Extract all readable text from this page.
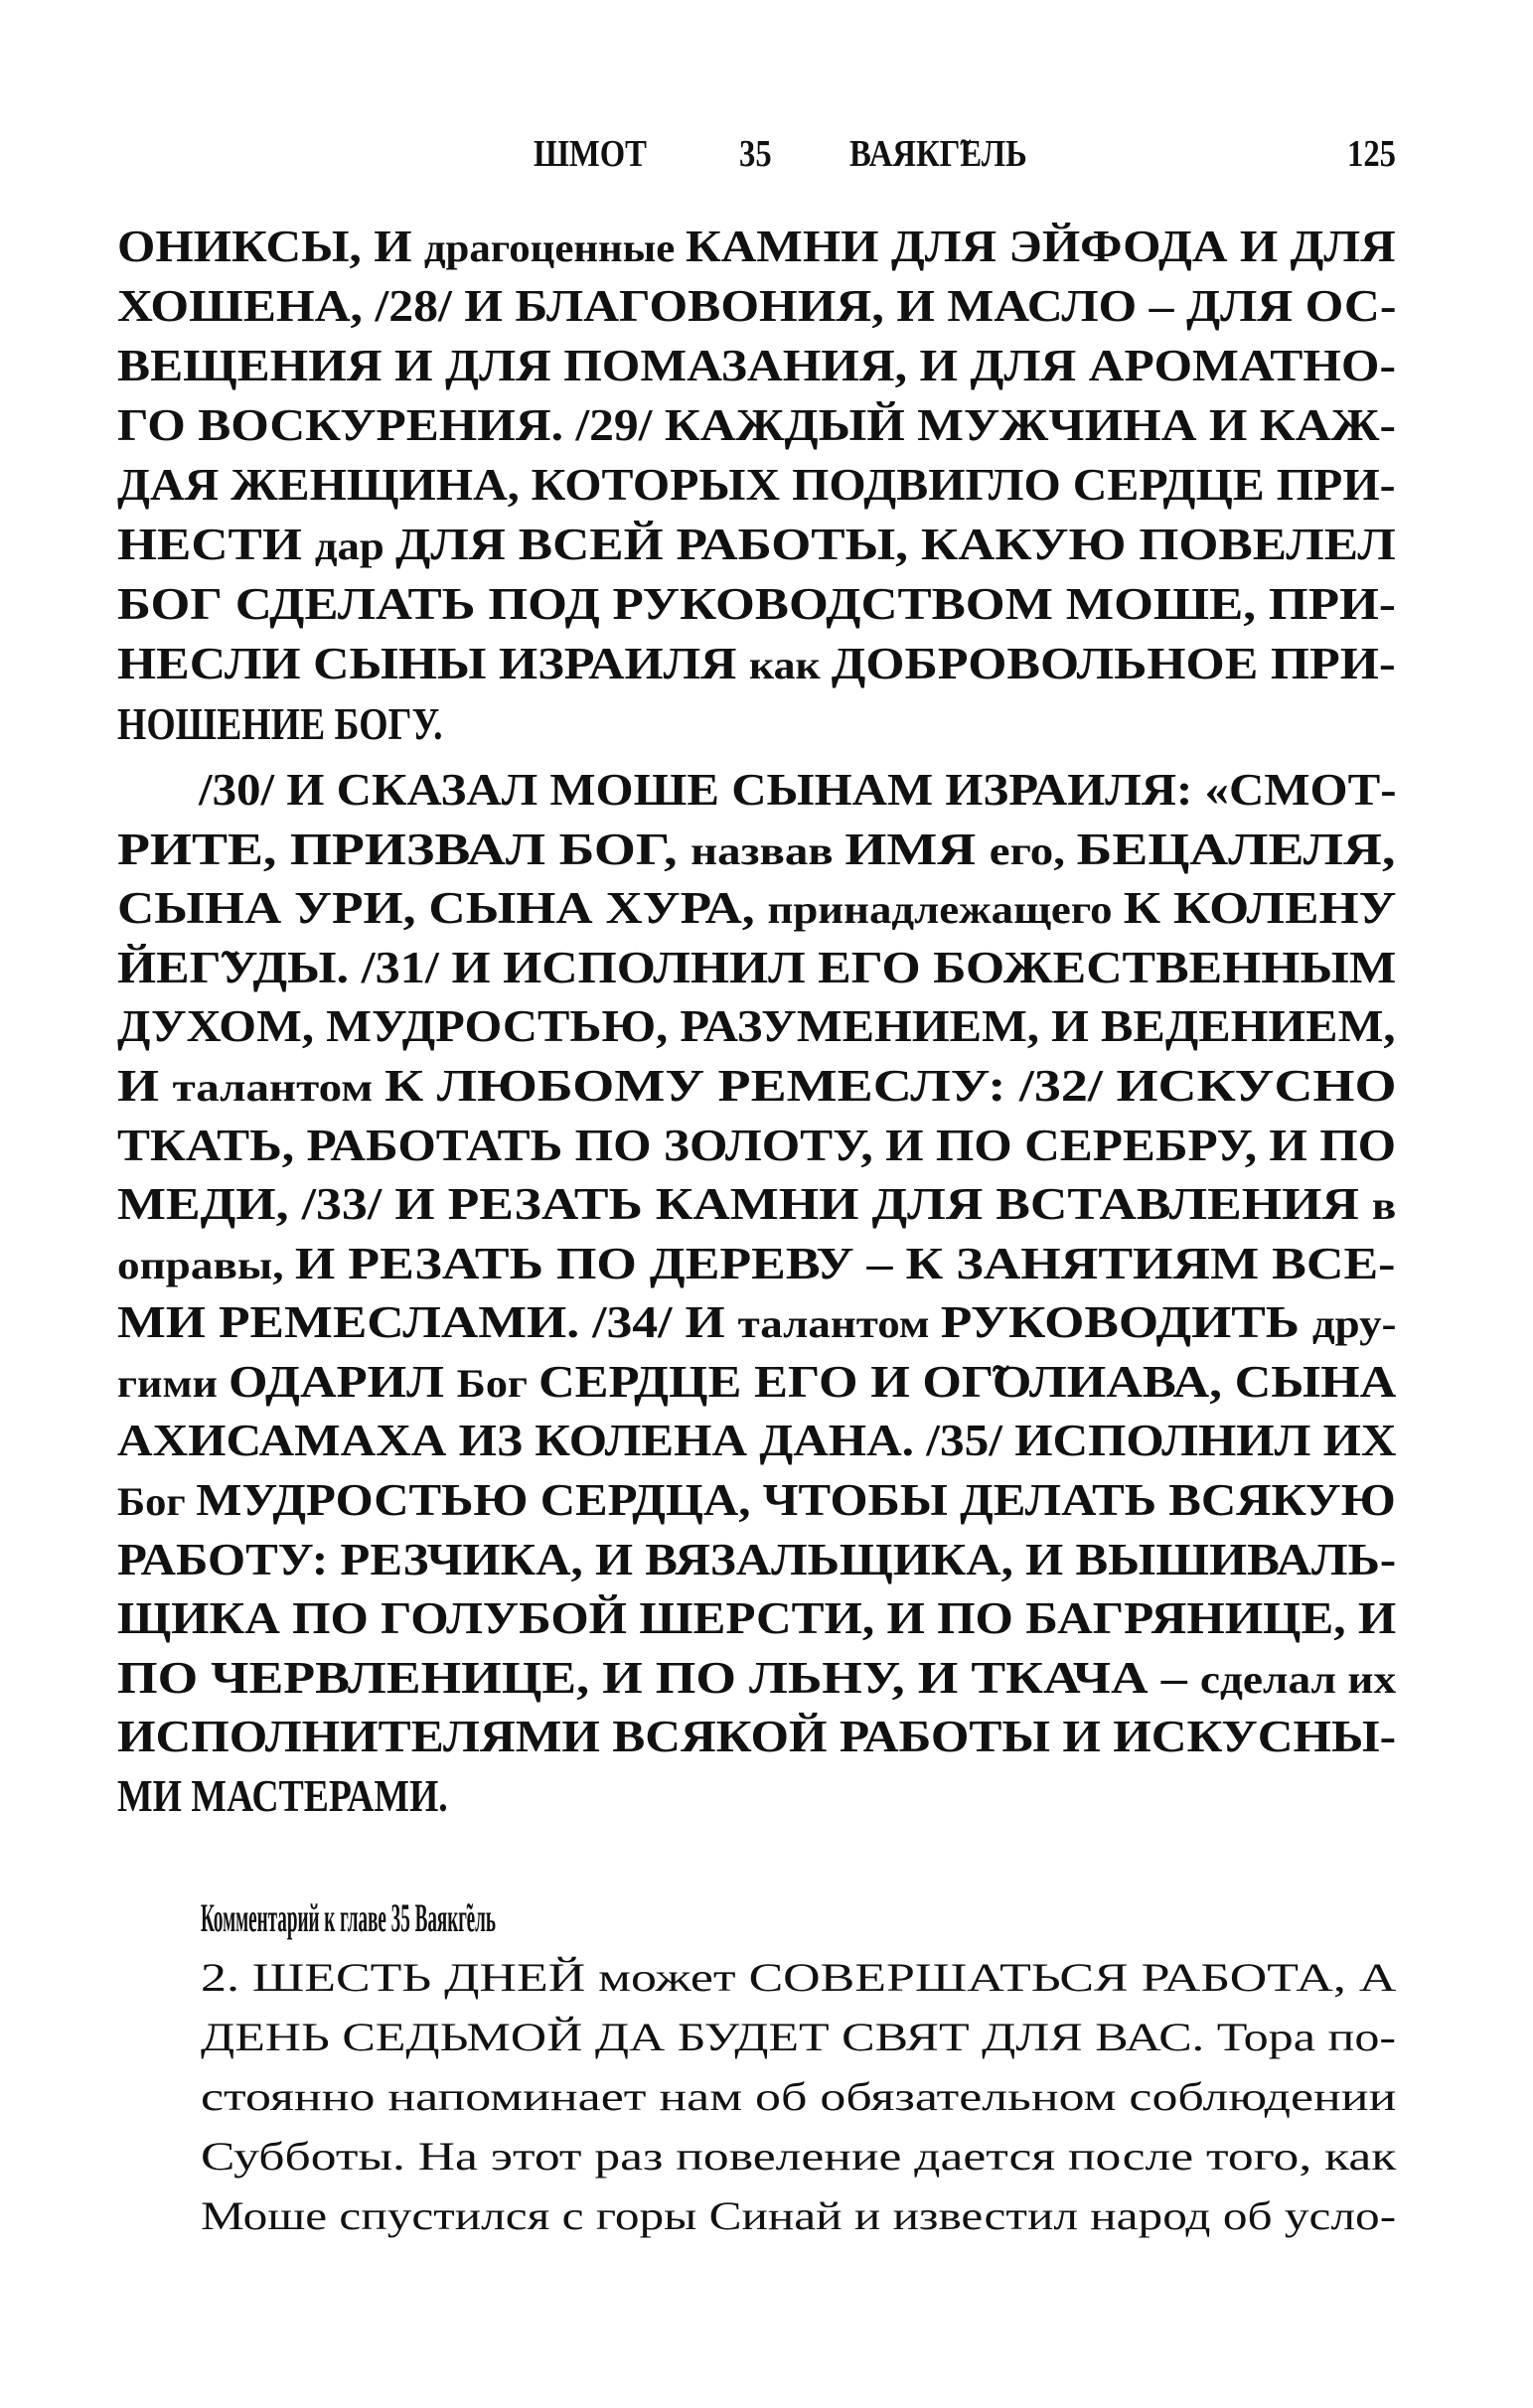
ШМОТ 35 ВАЯКГ̃ЕЛЬ	125
ОНИКСЫ, И драгоценные КАМНИ ДЛЯ ЭЙФОДА И ДЛЯ
ХОШЕНА, /28/ И БЛАГОВОНИЯ, И МАСЛО – ДЛЯ ОС-
ВЕЩЕНИЯ И ДЛЯ ПОМАЗАНИЯ, И ДЛЯ АРОМАТНО-
ГО ВОСКУРЕНИЯ. /29/ КАЖДЫЙ МУЖЧИНА И КАЖ-
ДАЯ ЖЕНЩИНА, КОТОРЫХ ПОДВИГЛО СЕРДЦЕ ПРИ-
НЕСТИ дар ДЛЯ ВСЕЙ РАБОТЫ, КАКУЮ ПОВЕЛЕЛ
БОГ СДЕЛАТЬ ПОД РУКОВОДСТВОМ МОШЕ, ПРИ-
НЕСЛИ СЫНЫ ИЗРАИЛЯ как ДОБРОВОЛЬНОЕ ПРИ-
НОШЕНИЕ БОГУ.
/30/ И СКАЗАЛ МОШЕ СЫНАМ ИЗРАИЛЯ: «СМОТ-
РИТЕ, ПРИЗВАЛ БОГ, назвав ИМЯ его, БЕЦАЛЕЛЯ,
СЫНА УРИ, СЫНА ХУРА, принадлежащего К КОЛЕНУ
ЙЕГ̃УДЫ. /31/ И ИСПОЛНИЛ ЕГО БОЖЕСТВЕННЫМ
ДУХОМ, МУДРОСТЬЮ, РАЗУМЕНИЕМ, И ВЕДЕНИЕМ,
И талантом К ЛЮБОМУ РЕМЕСЛУ: /32/ ИСКУСНО
ТКАТЬ, РАБОТАТЬ ПО ЗОЛОТУ, И ПО СЕРЕБРУ, И ПО
МЕДИ, /33/ И РЕЗАТЬ КАМНИ ДЛЯ ВСТАВЛЕНИЯ в
оправы, И РЕЗАТЬ ПО ДЕРЕВУ – К ЗАНЯТИЯМ ВСЕ-
МИ РЕМЕСЛАМИ. /34/ И талантом РУКОВОДИТЬ дру-
гими ОДАРИЛ Бог СЕРДЦЕ ЕГО И ОГ̃ОЛИАВА, СЫНА
АХИСАМАХА ИЗ КОЛЕНА ДАНА. /35/ ИСПОЛНИЛ ИХ
Бог МУДРОСТЬЮ СЕРДЦА, ЧТОБЫ ДЕЛАТЬ ВСЯКУЮ
РАБОТУ: РЕЗЧИКА, И ВЯЗАЛЬЩИКА, И ВЫШИВАЛЬ-
ЩИКА ПО ГОЛУБОЙ ШЕРСТИ, И ПО БАГРЯНИЦЕ, И
ПО ЧЕРВЛЕНИЦЕ, И ПО ЛЬНУ, И ТКАЧА – сделал их
ИСПОЛНИТЕЛЯМИ ВСЯКОЙ РАБОТЫ И ИСКУСНЫ-
МИ МАСТЕРАМИ.
Комментарий к главе 35 Ваякг̃ель
2. ШЕСТЬ ДНЕЙ может СОВЕРШАТЬСЯ РАБОТА, А
ДЕНЬ СЕДЬМОЙ ДА БУДЕТ СВЯТ ДЛЯ ВАС. Тора по-
стоянно напоминает нам об обязательном соблюдении
Субботы. На этот раз повеление дается после того, как
Моше спустился с горы Синай и известил народ об усло-
